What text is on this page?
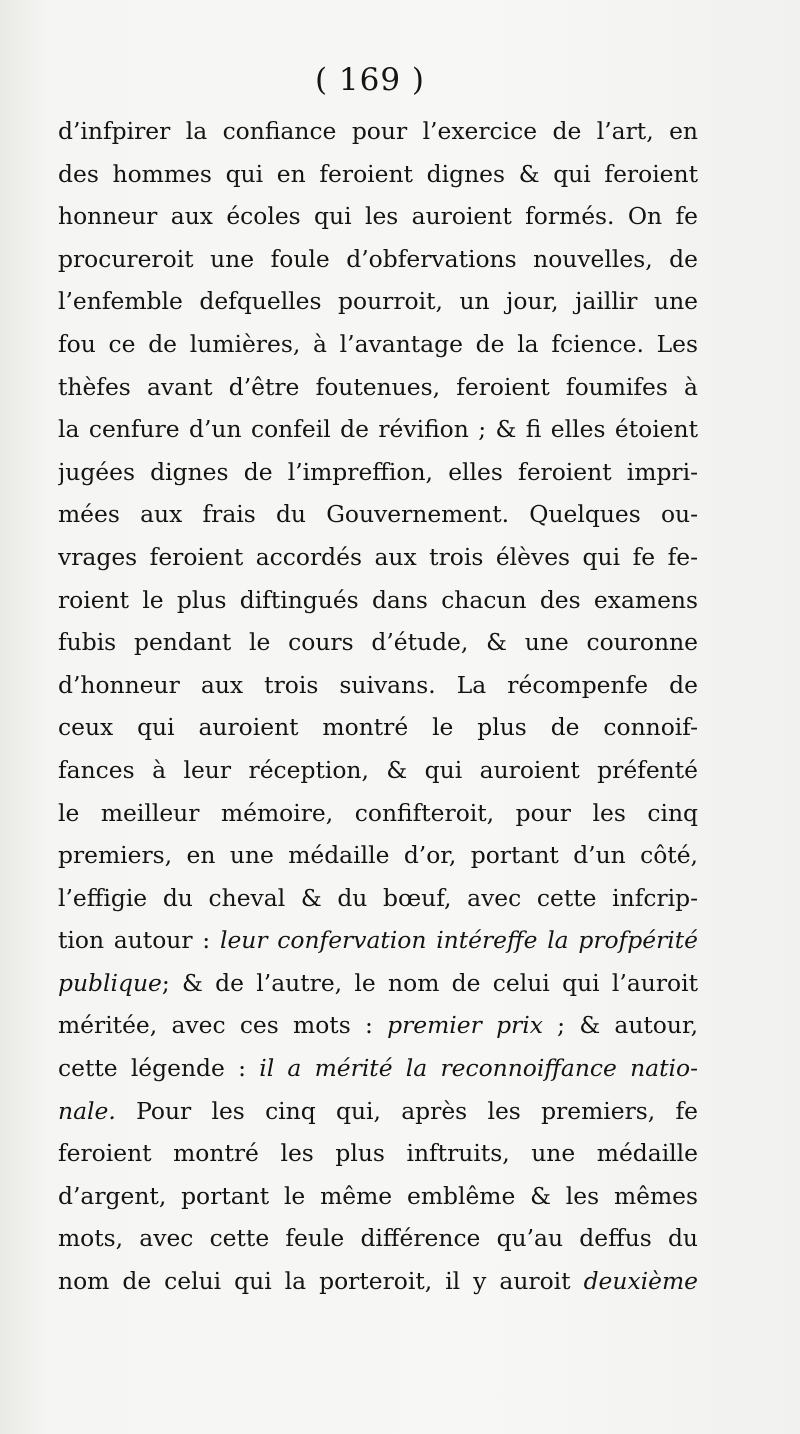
( 169 )
d’infpirer la confiance pour l’exercice de l’art, en
des hommes qui en feroient dignes & qui feroient
honneur aux écoles qui les auroient formés. On fe
procureroit une foule d’obfervations nouvelles, de
l’enfemble defquelles pourroit, un jour, jaillir une
fou ce de lumières, à l’avantage de la fcience. Les
thèfes avant d’être foutenues, feroient foumifes à
la cenfure d’un confeil de révifion ; & fi elles étoient
jugées dignes de l’impreffion, elles feroient impri-
mées aux frais du Gouvernement. Quelques ou-
vrages feroient accordés aux trois élèves qui fe fe-
roient le plus diftingués dans chacun des examens
fubis pendant le cours d’étude, & une couronne
d’honneur aux trois suivans. La récompenfe de
ceux qui auroient montré le plus de connoif-
fances à leur réception, & qui auroient préfenté
le meilleur mémoire, confifteroit, pour les cinq
premiers, en une médaille d’or, portant d’un côté,
l’effigie du cheval & du bœuf, avec cette infcrip-
tion autour : leur confervation intéreffe la profpérité
publique; & de l’autre, le nom de celui qui l’auroit
méritée, avec ces mots : premier prix ; & autour,
cette légende : il a mérité la reconnoiffance natio-
nale. Pour les cinq qui, après les premiers, fe
feroient montré les plus inftruits, une médaille
d’argent, portant le même emblême & les mêmes
mots, avec cette feule différence qu’au deffus du
nom de celui qui la porteroit, il y auroit deuxième
